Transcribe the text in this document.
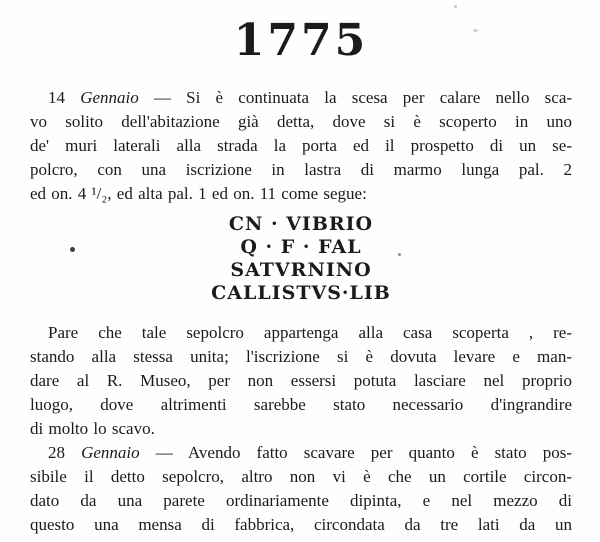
1775
14 Gennaio — Si è continuata la scesa per calare nello sca-
vo solito dell'abitazione già detta, dove si è scoperto in uno
de' muri laterali alla strada la porta ed il prospetto di un se-
polcro, con una iscrizione in lastra di marmo lunga pal. 2
ed on. 4 ¹/₂, ed alta pal. 1 ed on. 11 come segue:
CN · VIBRIO
Q · F · FAL
SATVRNINO
CALLISTVS·LIB
Pare che tale sepolcro appartenga alla casa scoperta , re-
stando alla stessa unita; l'iscrizione si è dovuta levare e man-
dare al R. Museo, per non essersi potuta lasciare nel proprio
luogo, dove altrimenti sarebbe stato necessario d'ingrandire
di molto lo scavo.
28 Gennaio — Avendo fatto scavare per quanto è stato pos-
sibile il detto sepolcro, altro non vi è che un cortile circon-
dato da una parete ordinariamente dipinta, e nel mezzo di
questo una mensa di fabbrica, circondata da tre lati da un
